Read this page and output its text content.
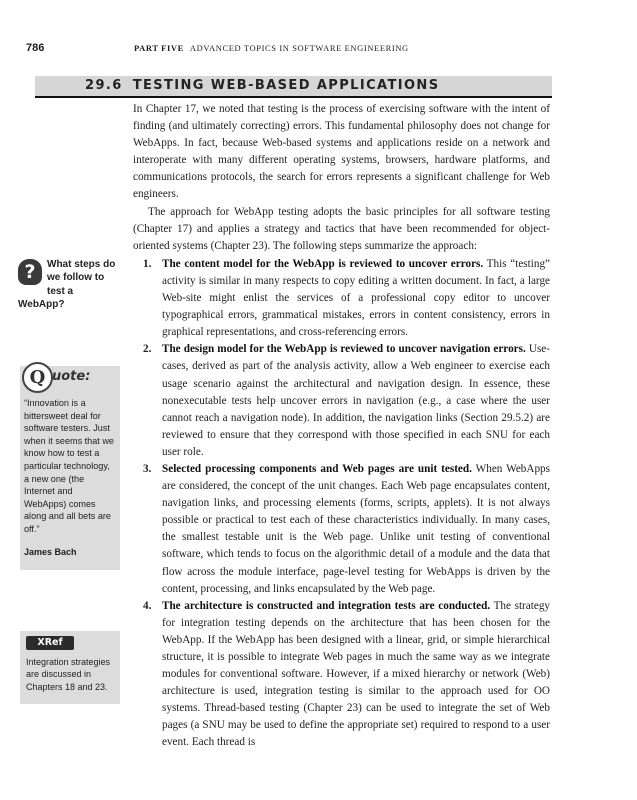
786	PART FIVE ADVANCED TOPICS IN SOFTWARE ENGINEERING
29.6 TESTING WEB-BASED APPLICATIONS

In Chapter 17, we noted that testing is the process of exercising software with the intent of finding (and ultimately correcting) errors. This fundamental philosophy does not change for WebApps. In fact, because Web-based systems and applications reside on a network and interoperate with many different operating systems, browsers, hardware platforms, and communications protocols, the search for errors represents a significant challenge for Web engineers.

The approach for WebApp testing adopts the basic principles for all software testing (Chapter 17) and applies a strategy and tactics that have been recommended for object-oriented systems (Chapter 23). The following steps summarize the approach:

1. The content model for the WebApp is reviewed to uncover errors. This “testing” activity is similar in many respects to copy editing a written document. In fact, a large Web-site might enlist the services of a professional copy editor to uncover typographical errors, grammatical mistakes, errors in content consistency, errors in graphical representations, and cross-referencing errors.
2. The design model for the WebApp is reviewed to uncover navigation errors. Use-cases, derived as part of the analysis activity, allow a Web engineer to exercise each usage scenario against the architectural and navigation design. In essence, these nonexecutable tests help uncover errors in navigation (e.g., a case where the user cannot reach a navigation node). In addition, the navigation links (Section 29.5.2) are reviewed to ensure that they correspond with those specified in each SNU for each user role.
3. Selected processing components and Web pages are unit tested. When WebApps are considered, the concept of the unit changes. Each Web page encapsulates content, navigation links, and processing elements (forms, scripts, applets). It is not always possible or practical to test each of these characteristics individually. In many cases, the smallest testable unit is the Web page. Unlike unit testing of conventional software, which tends to focus on the algorithmic detail of a module and the data that flow across the module interface, page-level testing for WebApps is driven by the content, processing, and links encapsulated by the Web page.
4. The architecture is constructed and integration tests are conducted. The strategy for integration testing depends on the architecture that has been chosen for the WebApp. If the WebApp has been designed with a linear, grid, or simple hierarchical structure, it is possible to integrate Web pages in much the same way as we integrate modules for conventional software. However, if a mixed hierarchy or network (Web) architecture is used, integration testing is similar to the approach used for OO systems. Thread-based testing (Chapter 23) can be used to integrate the set of Web pages (a SNU may be used to define the appropriate set) required to respond to a user event. Each thread is
?	What steps do we follow to test a WebApp?
Q uote:
“Innovation is a bittersweet deal for software testers. Just when it seems that we know how to test a particular technology, a new one (the Internet and WebApps) comes along and all bets are off.”
James Bach
XRef
Integration strategies are discussed in Chapters 18 and 23.
